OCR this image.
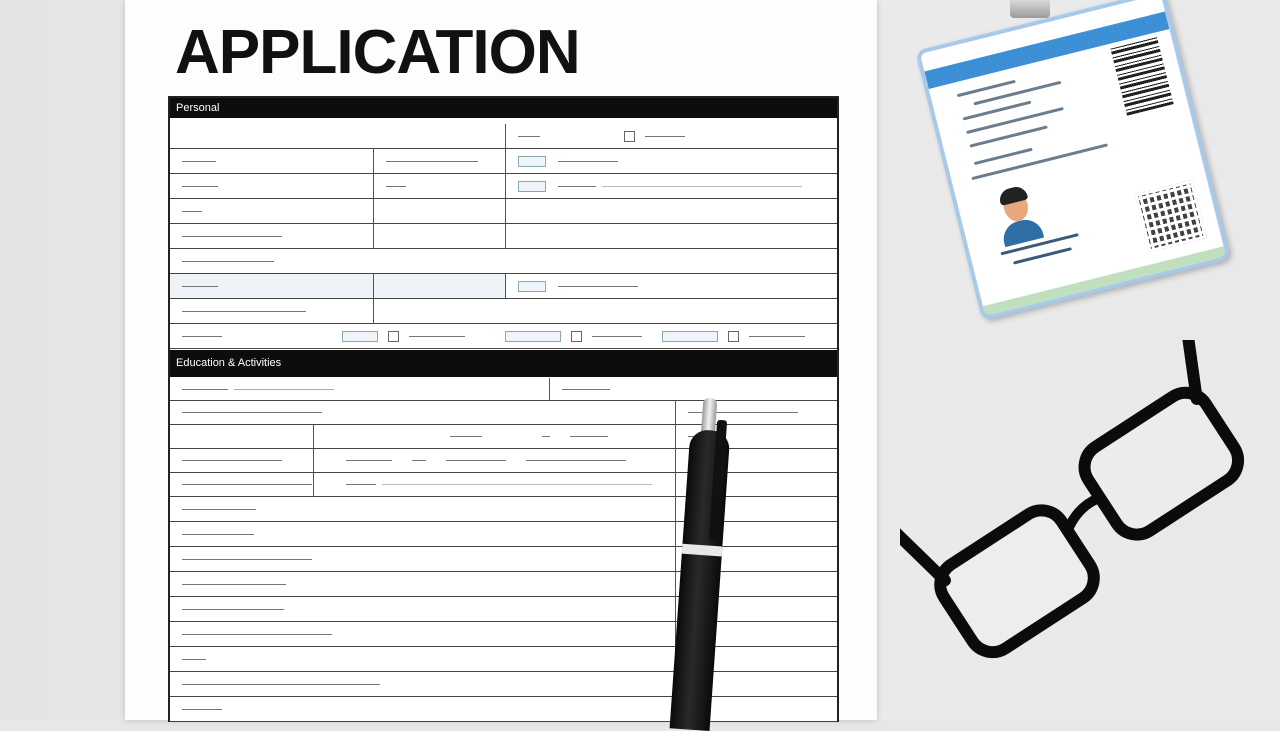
APPLICATION
Personal
Education & Activities
